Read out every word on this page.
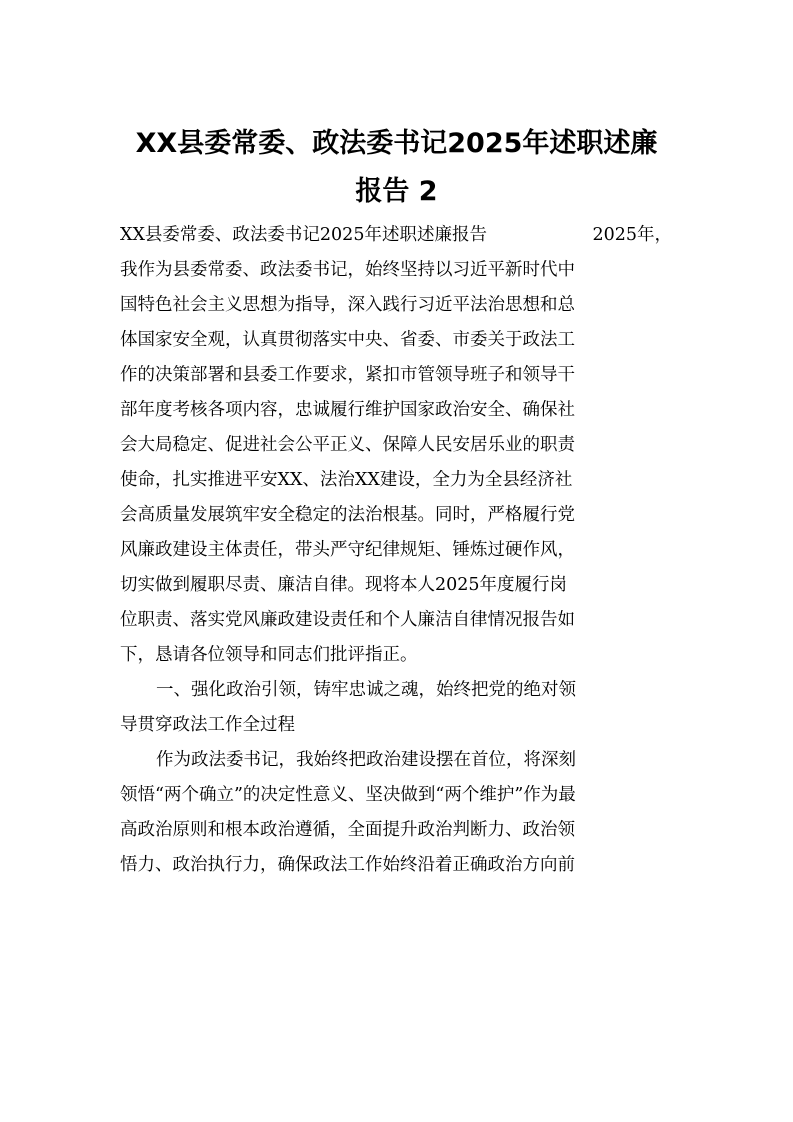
XX县委常委、政法委书记2025年述职述廉
报告 2
XX县委常委、政法委书记2025年述职述廉报告	2025年，
我作为县委常委、政法委书记，始终坚持以习近平新时代中
国特色社会主义思想为指导，深入践行习近平法治思想和总
体国家安全观，认真贯彻落实中央、省委、市委关于政法工
作的决策部署和县委工作要求，紧扣市管领导班子和领导干
部年度考核各项内容，忠诚履行维护国家政治安全、确保社
会大局稳定、促进社会公平正义、保障人民安居乐业的职责
使命，扎实推进平安XX、法治XX建设，全力为全县经济社
会高质量发展筑牢安全稳定的法治根基。同时，严格履行党
风廉政建设主体责任，带头严守纪律规矩、锤炼过硬作风，
切实做到履职尽责、廉洁自律。现将本人2025年度履行岗
位职责、落实党风廉政建设责任和个人廉洁自律情况报告如
下，恳请各位领导和同志们批评指正。
一、强化政治引领，铸牢忠诚之魂，始终把党的绝对领
导贯穿政法工作全过程
作为政法委书记，我始终把政治建设摆在首位，将深刻
领悟“两个确立”的决定性意义、坚决做到“两个维护”作为最
高政治原则和根本政治遵循，全面提升政治判断力、政治领
悟力、政治执行力，确保政法工作始终沿着正确政治方向前
